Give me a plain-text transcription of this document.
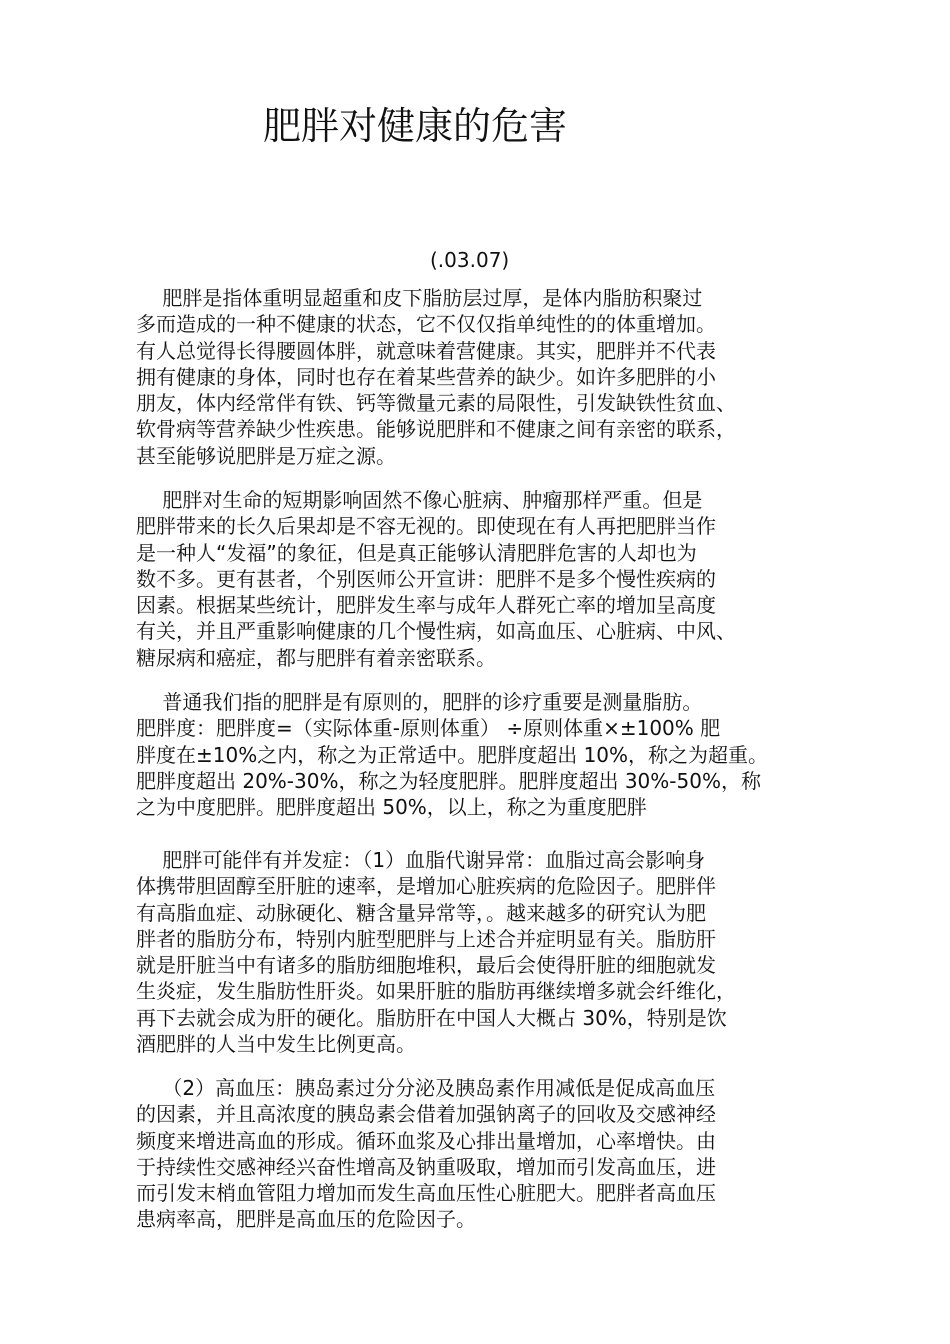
肥胖对健康的危害
(.03.07)
　 肥胖是指体重明显超重和皮下脂肪层过厚，是体内脂肪积聚过
多而造成的一种不健康的状态，它不仅仅指单纯性的的体重增加。
有人总觉得长得腰圆体胖，就意味着营健康。其实，肥胖并不代表
拥有健康的身体，同时也存在着某些营养的缺少。如许多肥胖的小
朋友，体内经常伴有铁、钙等微量元素的局限性，引发缺铁性贫血、
软骨病等营养缺少性疾患。能够说肥胖和不健康之间有亲密的联系，
甚至能够说肥胖是万症之源。
　 肥胖对生命的短期影响固然不像心脏病、肿瘤那样严重。但是
肥胖带来的长久后果却是不容无视的。即使现在有人再把肥胖当作
是一种人“发福”的象征，但是真正能够认清肥胖危害的人却也为
数不多。更有甚者，个别医师公开宣讲：肥胖不是多个慢性疾病的
因素。根据某些统计，肥胖发生率与成年人群死亡率的增加呈高度
有关，并且严重影响健康的几个慢性病，如高血压、心脏病、中风、
糖尿病和癌症，都与肥胖有着亲密联系。
　 普通我们指的肥胖是有原则的，肥胖的诊疗重要是测量脂肪。
肥胖度：肥胖度=（实际体重-原则体重） ÷原则体重×±100% 肥
胖度在±10%之内，称之为正常适中。肥胖度超出 10%，称之为超重。
肥胖度超出 20%-30%，称之为轻度肥胖。肥胖度超出 30%-50%，称
之为中度肥胖。肥胖度超出 50%，以上，称之为重度肥胖
　 肥胖可能伴有并发症：（1）血脂代谢异常：血脂过高会影响身
体携带胆固醇至肝脏的速率，是增加心脏疾病的危险因子。肥胖伴
有高脂血症、动脉硬化、糖含量异常等，。越来越多的研究认为肥
胖者的脂肪分布，特别内脏型肥胖与上述合并症明显有关。脂肪肝
就是肝脏当中有诸多的脂肪细胞堆积，最后会使得肝脏的细胞就发
生炎症，发生脂肪性肝炎。如果肝脏的脂肪再继续增多就会纤维化，
再下去就会成为肝的硬化。脂肪肝在中国人大概占 30%，特别是饮
酒肥胖的人当中发生比例更高。
　 （2）高血压：胰岛素过分分泌及胰岛素作用减低是促成高血压
的因素，并且高浓度的胰岛素会借着加强钠离子的回收及交感神经
频度来增进高血的形成。循环血浆及心排出量增加，心率增快。由
于持续性交感神经兴奋性增高及钠重吸取，增加而引发高血压，进
而引发末梢血管阻力增加而发生高血压性心脏肥大。肥胖者高血压
患病率高，肥胖是高血压的危险因子。
